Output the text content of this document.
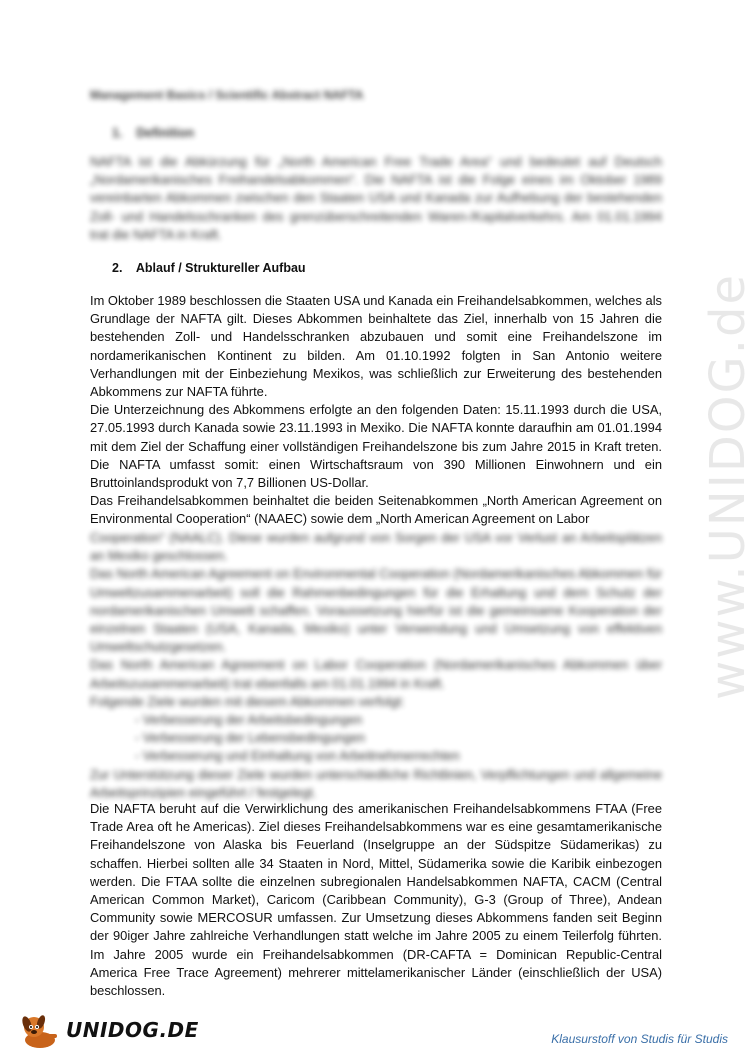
www.UNIDOG.de
Management Basics / Scientific Abstract NAFTA
1. Definition

NAFTA ist die Abkürzung für „North American Free Trade Area“ und bedeutet auf Deutsch „Nordamerikanisches Freihandelsabkommen“. Die NAFTA ist die Folge eines im Oktober 1989 vereinbarten Abkommen zwischen den Staaten USA und Kanada zur Aufhebung der bestehenden Zoll- und Handelsschranken des grenzüberschreitenden Waren-/Kapitalverkehrs. Am 01.01.1994 trat die NAFTA in Kraft.

2. Ablauf / Struktureller Aufbau

Im Oktober 1989 beschlossen die Staaten USA und Kanada ein Freihandelsabkommen, welches als Grundlage der NAFTA gilt. Dieses Abkommen beinhaltete das Ziel, innerhalb von 15 Jahren die bestehenden Zoll- und Handelsschranken abzubauen und somit eine Freihandelszone im nordamerikanischen Kontinent zu bilden. Am 01.10.1992 folgten in San Antonio weitere Verhandlungen mit der Einbeziehung Mexikos, was schließlich zur Erweiterung des bestehenden Abkommens zur NAFTA führte.

Die Unterzeichnung des Abkommens erfolgte an den folgenden Daten: 15.11.1993 durch die USA, 27.05.1993 durch Kanada sowie 23.11.1993 in Mexiko. Die NAFTA konnte daraufhin am 01.01.1994 mit dem Ziel der Schaffung einer vollständigen Freihandelszone bis zum Jahre 2015 in Kraft treten. Die NAFTA umfasst somit: einen Wirtschaftsraum von 390 Millionen Einwohnern und ein Bruttoinlandsprodukt von 7,7 Billionen US-Dollar.

Das Freihandelsabkommen beinhaltet die beiden Seitenabkommen „North American Agreement on Environmental Cooperation“ (NAAEC) sowie dem „North American Agreement on Labor

Cooperation“ (NAALC). Diese wurden aufgrund von Sorgen der USA vor Verlust an Arbeitsplätzen an Mexiko geschlossen.

Das North American Agreement on Environmental Cooperation (Nordamerikanisches Abkommen für Umweltzusammenarbeit) soll die Rahmenbedingungen für die Erhaltung und dem Schutz der nordamerikanischen Umwelt schaffen. Voraussetzung hierfür ist die gemeinsame Kooperation der einzelnen Staaten (USA, Kanada, Mexiko) unter Verwendung und Umsetzung von effektiven Umweltschutzgesetzen.

Das North American Agreement on Labor Cooperation (Nordamerikanisches Abkommen über Arbeitszusammenarbeit) trat ebenfalls am 01.01.1994 in Kraft.

Folgende Ziele wurden mit diesem Abkommen verfolgt:

- Verbesserung der Arbeitsbedingungen
- Verbesserung der Lebensbedingungen
- Verbesserung und Einhaltung von Arbeitnehmerrechten

Zur Unterstützung dieser Ziele wurden unterschiedliche Richtlinien, Verpflichtungen und allgemeine Arbeitsprinzipien eingeführt / festgelegt.

Die NAFTA beruht auf die Verwirklichung des amerikanischen Freihandelsabkommens FTAA (Free Trade Area oft he Americas). Ziel dieses Freihandelsabkommens war es eine gesamtamerikanische Freihandelszone von Alaska bis Feuerland (Inselgruppe an der Südspitze Südamerikas) zu schaffen. Hierbei sollten alle 34 Staaten in Nord, Mittel, Südamerika sowie die Karibik einbezogen werden. Die FTAA sollte die einzelnen subregionalen Handelsabkommen NAFTA, CACM (Central American Common Market), Caricom (Caribbean Community), G-3 (Group of Three), Andean Community sowie MERCOSUR umfassen. Zur Umsetzung dieses Abkommens fanden seit Beginn der 90iger Jahre zahlreiche Verhandlungen statt welche im Jahre 2005 zu einem Teilerfolg führten. Im Jahre 2005 wurde ein Freihandelsabkommen (DR-CAFTA = Dominican Republic-Central America Free Trace Agreement) mehrerer mittelamerikanischer Länder (einschließlich der USA) beschlossen.

UNIDOG.DE	Klausurstoff von Studis für Studis
